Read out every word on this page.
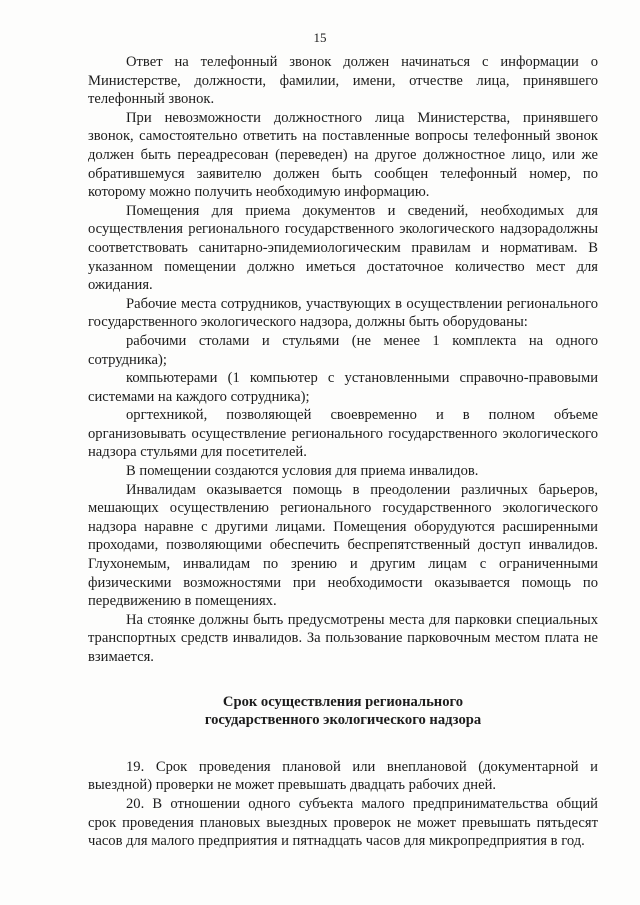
15

Ответ на телефонный звонок должен начинаться с информации о Министерстве, должности, фамилии, имени, отчестве лица, принявшего телефонный звонок.

При невозможности должностного лица Министерства, принявшего звонок, самостоятельно ответить на поставленные вопросы телефонный звонок должен быть переадресован (переведен) на другое должностное лицо, или же обратившемуся заявителю должен быть сообщен телефонный номер, по которому можно получить необходимую информацию.

Помещения для приема документов и сведений, необходимых для осуществления регионального государственного экологического надзорадолжны соответствовать санитарно-эпидемиологическим правилам и нормативам. В указанном помещении должно иметься достаточное количество мест для ожидания.

Рабочие места сотрудников, участвующих в осуществлении регионального государственного экологического надзора, должны быть оборудованы:

рабочими столами и стульями (не менее 1 комплекта на одного сотрудника);

компьютерами (1 компьютер с установленными справочно-правовыми системами на каждого сотрудника);

оргтехникой, позволяющей своевременно и в полном объеме организовывать осуществление регионального государственного экологического надзора стульями для посетителей.

В помещении создаются условия для приема инвалидов.

Инвалидам оказывается помощь в преодолении различных барьеров, мешающих осуществлению регионального государственного экологического надзора наравне с другими лицами. Помещения оборудуются расширенными проходами, позволяющими обеспечить беспрепятственный доступ инвалидов. Глухонемым, инвалидам по зрению и другим лицам с ограниченными физическими возможностями при необходимости оказывается помощь по передвижению в помещениях.

На стоянке должны быть предусмотрены места для парковки специальных транспортных средств инвалидов. За пользование парковочным местом плата не взимается.

Срок осуществления регионального
государственного экологического надзора

19. Срок проведения плановой или внеплановой (документарной и выездной) проверки не может превышать двадцать рабочих дней.

20. В отношении одного субъекта малого предпринимательства общий срок проведения плановых выездных проверок не может превышать пятьдесят часов для малого предприятия и пятнадцать часов для микропредприятия в год.
